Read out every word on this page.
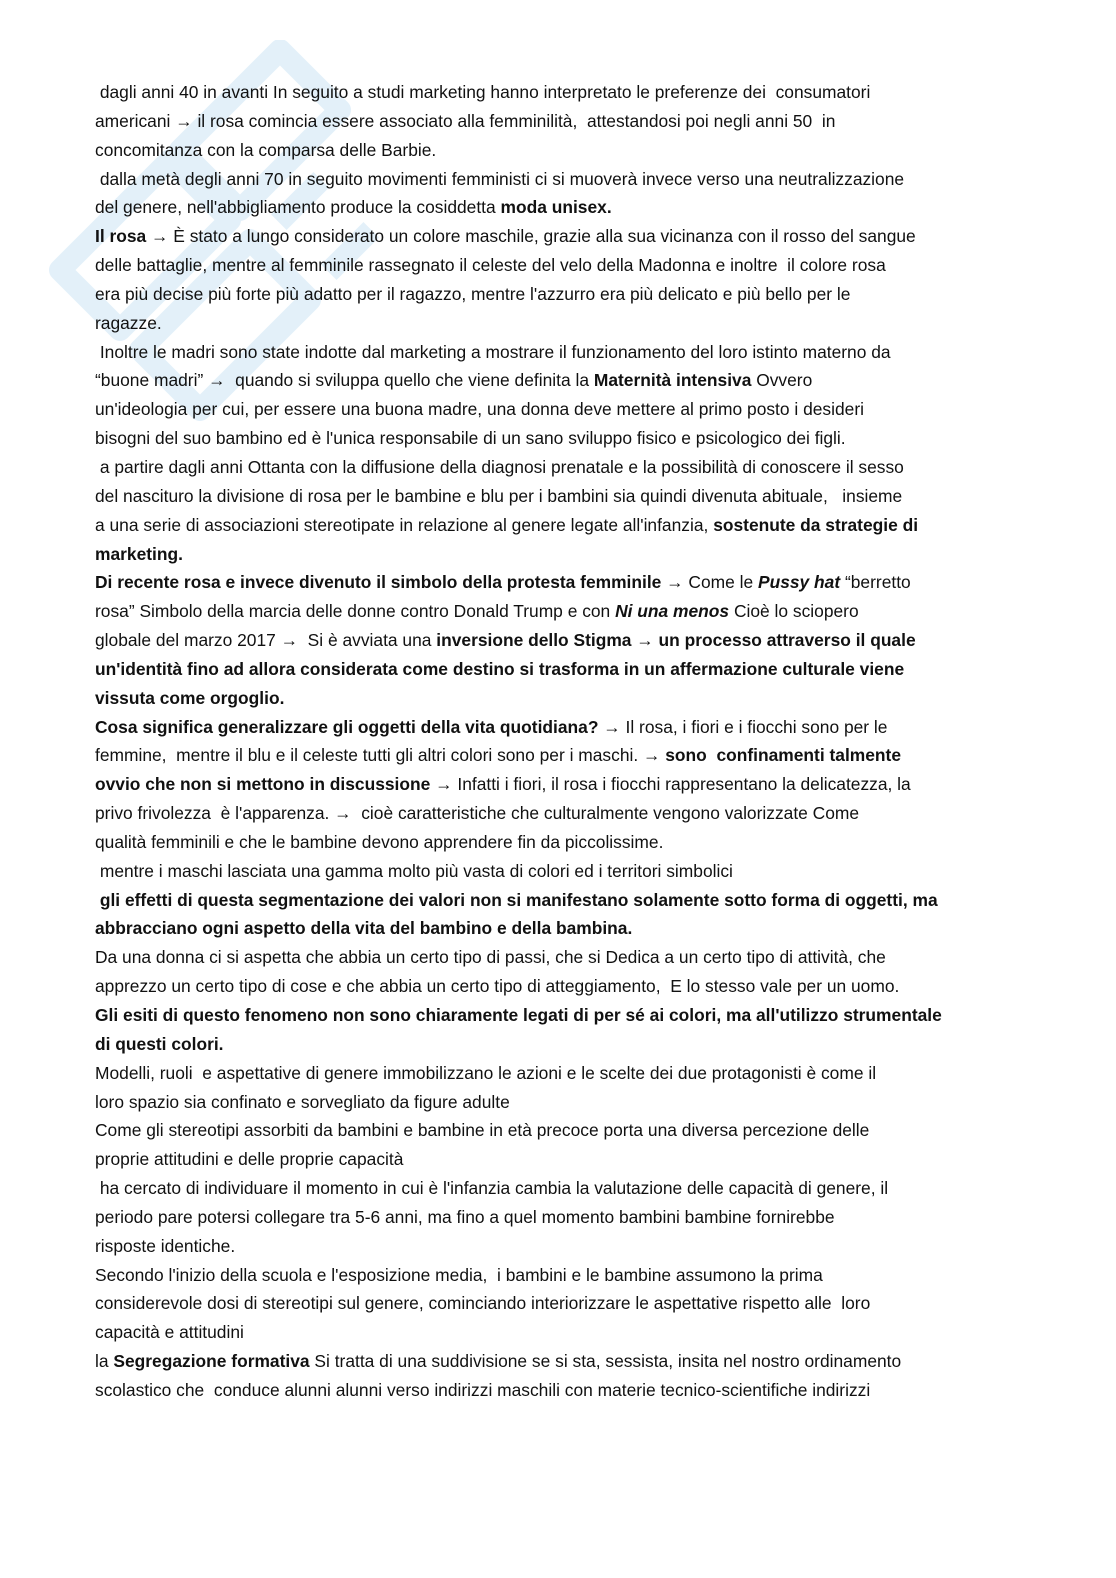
dagli anni 40 in avanti In seguito a studi marketing hanno interpretato le preferenze dei  consumatori
americani → il rosa comincia essere associato alla femminilità,  attestandosi poi negli anni 50  in
concomitanza con la comparsa delle Barbie.
dalla metà degli anni 70 in seguito movimenti femministi ci si muoverà invece verso una neutralizzazione
del genere, nell'abbigliamento produce la cosiddetta moda unisex.
Il rosa → È stato a lungo considerato un colore maschile, grazie alla sua vicinanza con il rosso del sangue
delle battaglie, mentre al femminile rassegnato il celeste del velo della Madonna e inoltre  il colore rosa
era più decise più forte più adatto per il ragazzo, mentre l'azzurro era più delicato e più bello per le
ragazze.
Inoltre le madri sono state indotte dal marketing a mostrare il funzionamento del loro istinto materno da
“buone madri” →  quando si sviluppa quello che viene definita la Maternità intensiva Ovvero
un'ideologia per cui, per essere una buona madre, una donna deve mettere al primo posto i desideri
bisogni del suo bambino ed è l'unica responsabile di un sano sviluppo fisico e psicologico dei figli.
a partire dagli anni Ottanta con la diffusione della diagnosi prenatale e la possibilità di conoscere il sesso
del nascituro la divisione di rosa per le bambine e blu per i bambini sia quindi divenuta abituale,   insieme
a una serie di associazioni stereotipate in relazione al genere legate all'infanzia, sostenute da strategie di
marketing.
Di recente rosa e invece divenuto il simbolo della protesta femminile → Come le Pussy hat “berretto
rosa” Simbolo della marcia delle donne contro Donald Trump e con Ni una menos Cioè lo sciopero
globale del marzo 2017 →  Si è avviata una inversione dello Stigma → un processo attraverso il quale
un'identità fino ad allora considerata come destino si trasforma in un affermazione culturale viene
vissuta come orgoglio.
Cosa significa generalizzare gli oggetti della vita quotidiana? → Il rosa, i fiori e i fiocchi sono per le
femmine,  mentre il blu e il celeste tutti gli altri colori sono per i maschi. → sono  confinamenti talmente
ovvio che non si mettono in discussione → Infatti i fiori, il rosa i fiocchi rappresentano la delicatezza, la
privo frivolezza  è l'apparenza. →  cioè caratteristiche che culturalmente vengono valorizzate Come
qualità femminili e che le bambine devono apprendere fin da piccolissime.
mentre i maschi lasciata una gamma molto più vasta di colori ed i territori simbolici
gli effetti di questa segmentazione dei valori non si manifestano solamente sotto forma di oggetti, ma
abbracciano ogni aspetto della vita del bambino e della bambina.
Da una donna ci si aspetta che abbia un certo tipo di passi, che si Dedica a un certo tipo di attività, che
apprezzo un certo tipo di cose e che abbia un certo tipo di atteggiamento,  E lo stesso vale per un uomo.
Gli esiti di questo fenomeno non sono chiaramente legati di per sé ai colori, ma all'utilizzo strumentale
di questi colori.
Modelli, ruoli  e aspettative di genere immobilizzano le azioni e le scelte dei due protagonisti è come il
loro spazio sia confinato e sorvegliato da figure adulte
Come gli stereotipi assorbiti da bambini e bambine in età precoce porta una diversa percezione delle
proprie attitudini e delle proprie capacità
ha cercato di individuare il momento in cui è l'infanzia cambia la valutazione delle capacità di genere, il
periodo pare potersi collegare tra 5-6 anni, ma fino a quel momento bambini bambine fornirebbe
risposte identiche.
Secondo l'inizio della scuola e l'esposizione media,  i bambini e le bambine assumono la prima
considerevole dosi di stereotipi sul genere, cominciando interiorizzare le aspettative rispetto alle  loro
capacità e attitudini
la Segregazione formativa Si tratta di una suddivisione se si sta, sessista, insita nel nostro ordinamento
scolastico che  conduce alunni alunni verso indirizzi maschili con materie tecnico-scientifiche indirizzi
